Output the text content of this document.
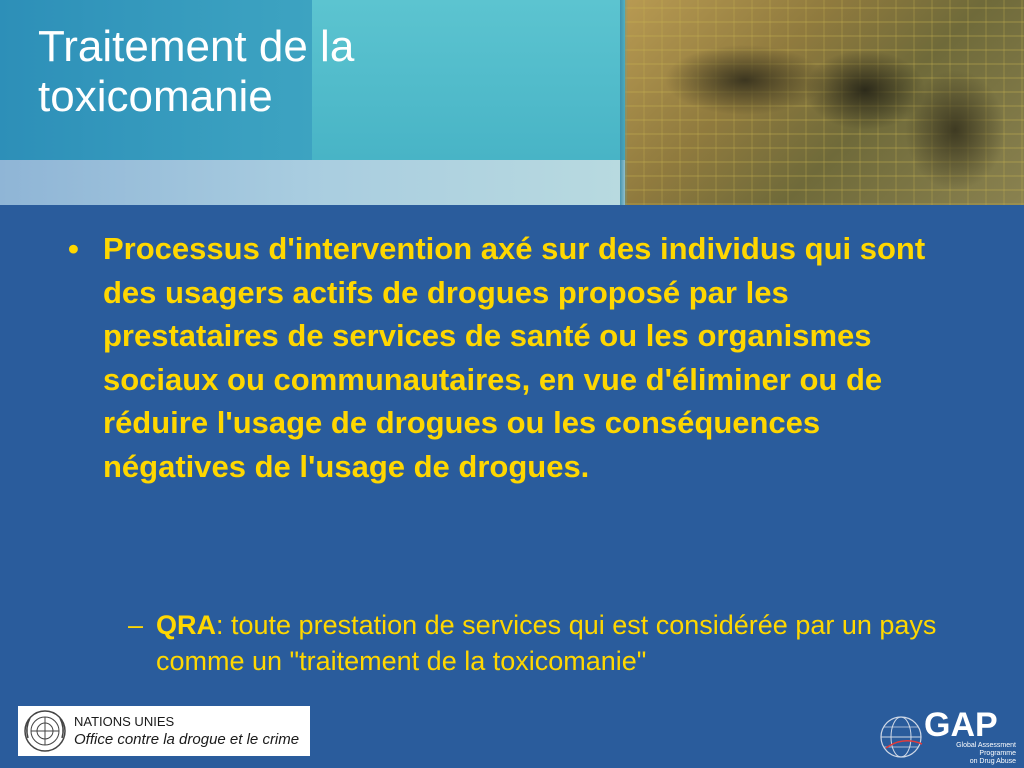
Traitement de la
toxicomanie
• Processus d'intervention axé sur des individus qui sont des usagers actifs de drogues proposé par les prestataires de services de santé ou les organismes sociaux ou communautaires, en vue d'éliminer ou de réduire l'usage de drogues ou les conséquences négatives de l'usage de drogues.
– QRA: toute prestation de services qui est considérée par un pays comme un "traitement de la toxicomanie"
NATIONS UNIES
Office contre la drogue et le crime	GAP
Global Assessment Programme
on Drug Abuse
